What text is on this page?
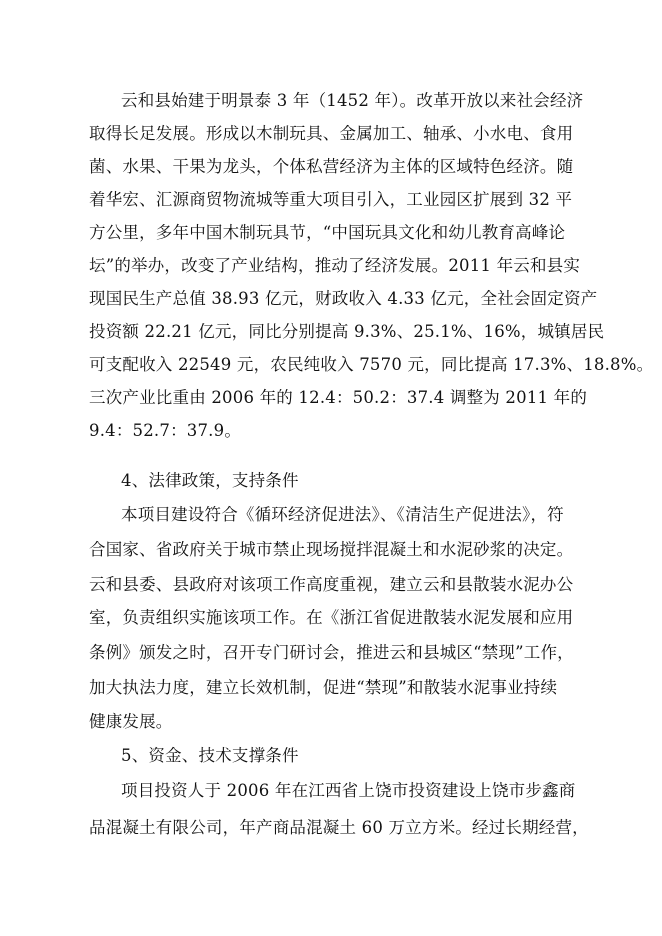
云和县始建于明景泰 3 年（1452 年）。改革开放以来社会经济
取得长足发展。形成以木制玩具、金属加工、轴承、小水电、食用
菌、水果、干果为龙头，个体私营经济为主体的区域特色经济。随
着华宏、汇源商贸物流城等重大项目引入，工业园区扩展到 32 平
方公里，多年中国木制玩具节，“中国玩具文化和幼儿教育高峰论
坛”的举办，改变了产业结构，推动了经济发展。2011 年云和县实
现国民生产总值 38.93 亿元，财政收入 4.33 亿元，全社会固定资产
投资额 22.21 亿元，同比分别提高 9.3%、25.1%、16%，城镇居民
可支配收入 22549 元，农民纯收入 7570 元，同比提高 17.3%、18.8%。
三次产业比重由 2006 年的 12.4：50.2：37.4 调整为 2011 年的
9.4：52.7：37.9。
4、法律政策，支持条件
本项目建设符合《循环经济促进法》、《清洁生产促进法》，符
合国家、省政府关于城市禁止现场搅拌混凝土和水泥砂浆的决定。
云和县委、县政府对该项工作高度重视，建立云和县散装水泥办公
室，负责组织实施该项工作。在《浙江省促进散装水泥发展和应用
条例》颁发之时，召开专门研讨会，推进云和县城区“禁现”工作，
加大执法力度，建立长效机制，促进“禁现”和散装水泥事业持续
健康发展。
5、资金、技术支撑条件
项目投资人于 2006 年在江西省上饶市投资建设上饶市步鑫商
品混凝土有限公司，年产商品混凝土 60 万立方米。经过长期经营，
